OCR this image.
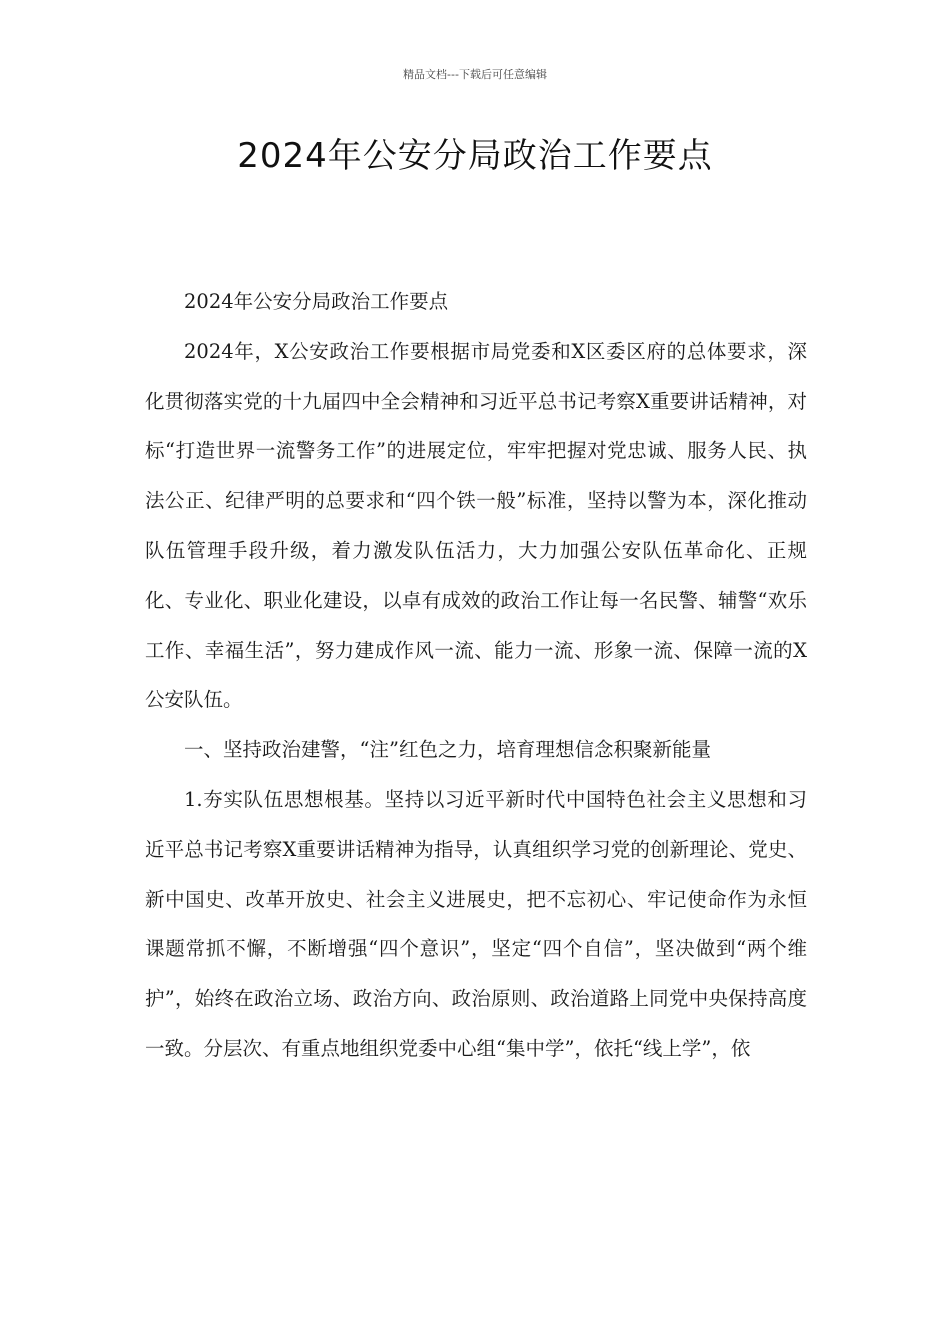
精品文档---下载后可任意编辑
2024年公安分局政治工作要点

2024年公安分局政治工作要点

2024年，X公安政治工作要根据市局党委和X区委区府的总体要求，深化贯彻落实党的十九届四中全会精神和习近平总书记考察X重要讲话精神，对标“打造世界一流警务工作”的进展定位，牢牢把握对党忠诚、服务人民、执法公正、纪律严明的总要求和“四个铁一般”标准，坚持以警为本，深化推动队伍管理手段升级，着力激发队伍活力，大力加强公安队伍革命化、正规化、专业化、职业化建设，以卓有成效的政治工作让每一名民警、辅警“欢乐工作、幸福生活”，努力建成作风一流、能力一流、形象一流、保障一流的X公安队伍。

一、坚持政治建警，“注”红色之力，培育理想信念积聚新能量

1.夯实队伍思想根基。坚持以习近平新时代中国特色社会主义思想和习近平总书记考察X重要讲话精神为指导，认真组织学习党的创新理论、党史、新中国史、改革开放史、社会主义进展史，把不忘初心、牢记使命作为永恒课题常抓不懈，不断增强“四个意识”，坚定“四个自信”，坚决做到“两个维护”，始终在政治立场、政治方向、政治原则、政治道路上同党中央保持高度一致。分层次、有重点地组织党委中心组“集中学”，依托“线上学”，依
